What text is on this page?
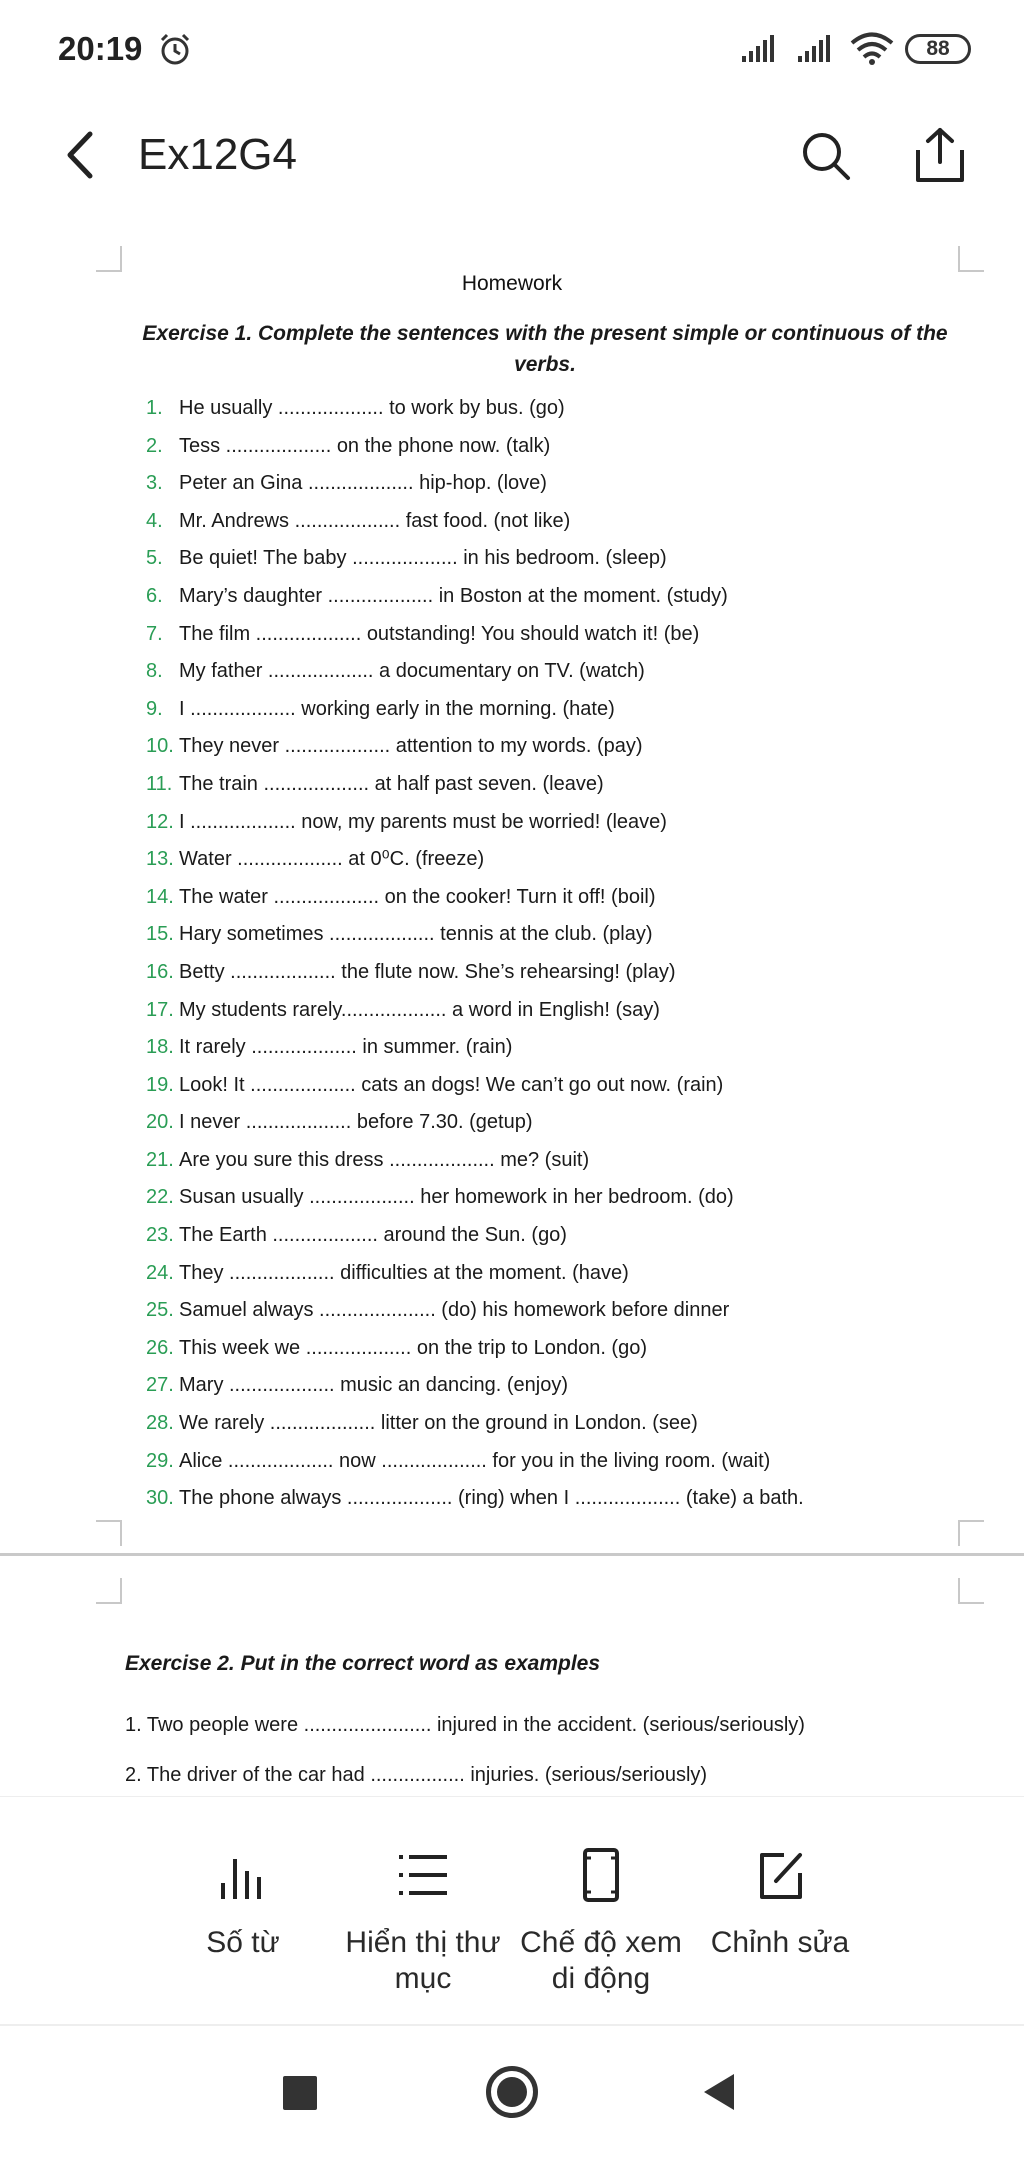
20:19	88
Ex12G4
Homework
Exercise 1. Complete the sentences with the present simple or continuous of the verbs.
1. He usually ................... to work by bus. (go)
2. Tess ................... on the phone now. (talk)
3. Peter an Gina ................... hip-hop. (love)
4. Mr. Andrews ................... fast food. (not like)
5. Be quiet! The baby ................... in his bedroom. (sleep)
6. Mary’s daughter ................... in Boston at the moment. (study)
7. The film ................... outstanding! You should watch it! (be)
8. My father ................... a documentary on TV. (watch)
9. I ................... working early in the morning. (hate)
10. They never ................... attention to my words. (pay)
11. The train ................... at half past seven. (leave)
12. I ................... now, my parents must be worried! (leave)
13. Water ................... at 0⁰C. (freeze)
14. The water ................... on the cooker! Turn it off! (boil)
15. Hary sometimes ................... tennis at the club. (play)
16. Betty ................... the flute now. She’s rehearsing! (play)
17. My students rarely................... a word in English! (say)
18. It rarely ................... in summer. (rain)
19. Look! It ................... cats an dogs! We can’t go out now. (rain)
20. I never ................... before 7.30. (getup)
21. Are you sure this dress ................... me? (suit)
22. Susan usually ................... her homework in her bedroom. (do)
23. The Earth ................... around the Sun. (go)
24. They ................... difficulties at the moment. (have)
25. Samuel always ..................... (do) his homework before dinner
26. This week we ................... on the trip to London. (go)
27. Mary ................... music an dancing. (enjoy)
28. We rarely ................... litter on the ground in London. (see)
29. Alice ................... now ................... for you in the living room. (wait)
30. The phone always ................... (ring) when I ................... (take) a bath.
Exercise 2. Put in the correct word as examples
1. Two people were ....................... injured in the accident. (serious/seriously)
2. The driver of the car had ................. injuries. (serious/seriously)
Số từ	Hiển thị thư mục
Chế độ xem di động
Chỉnh sửa
